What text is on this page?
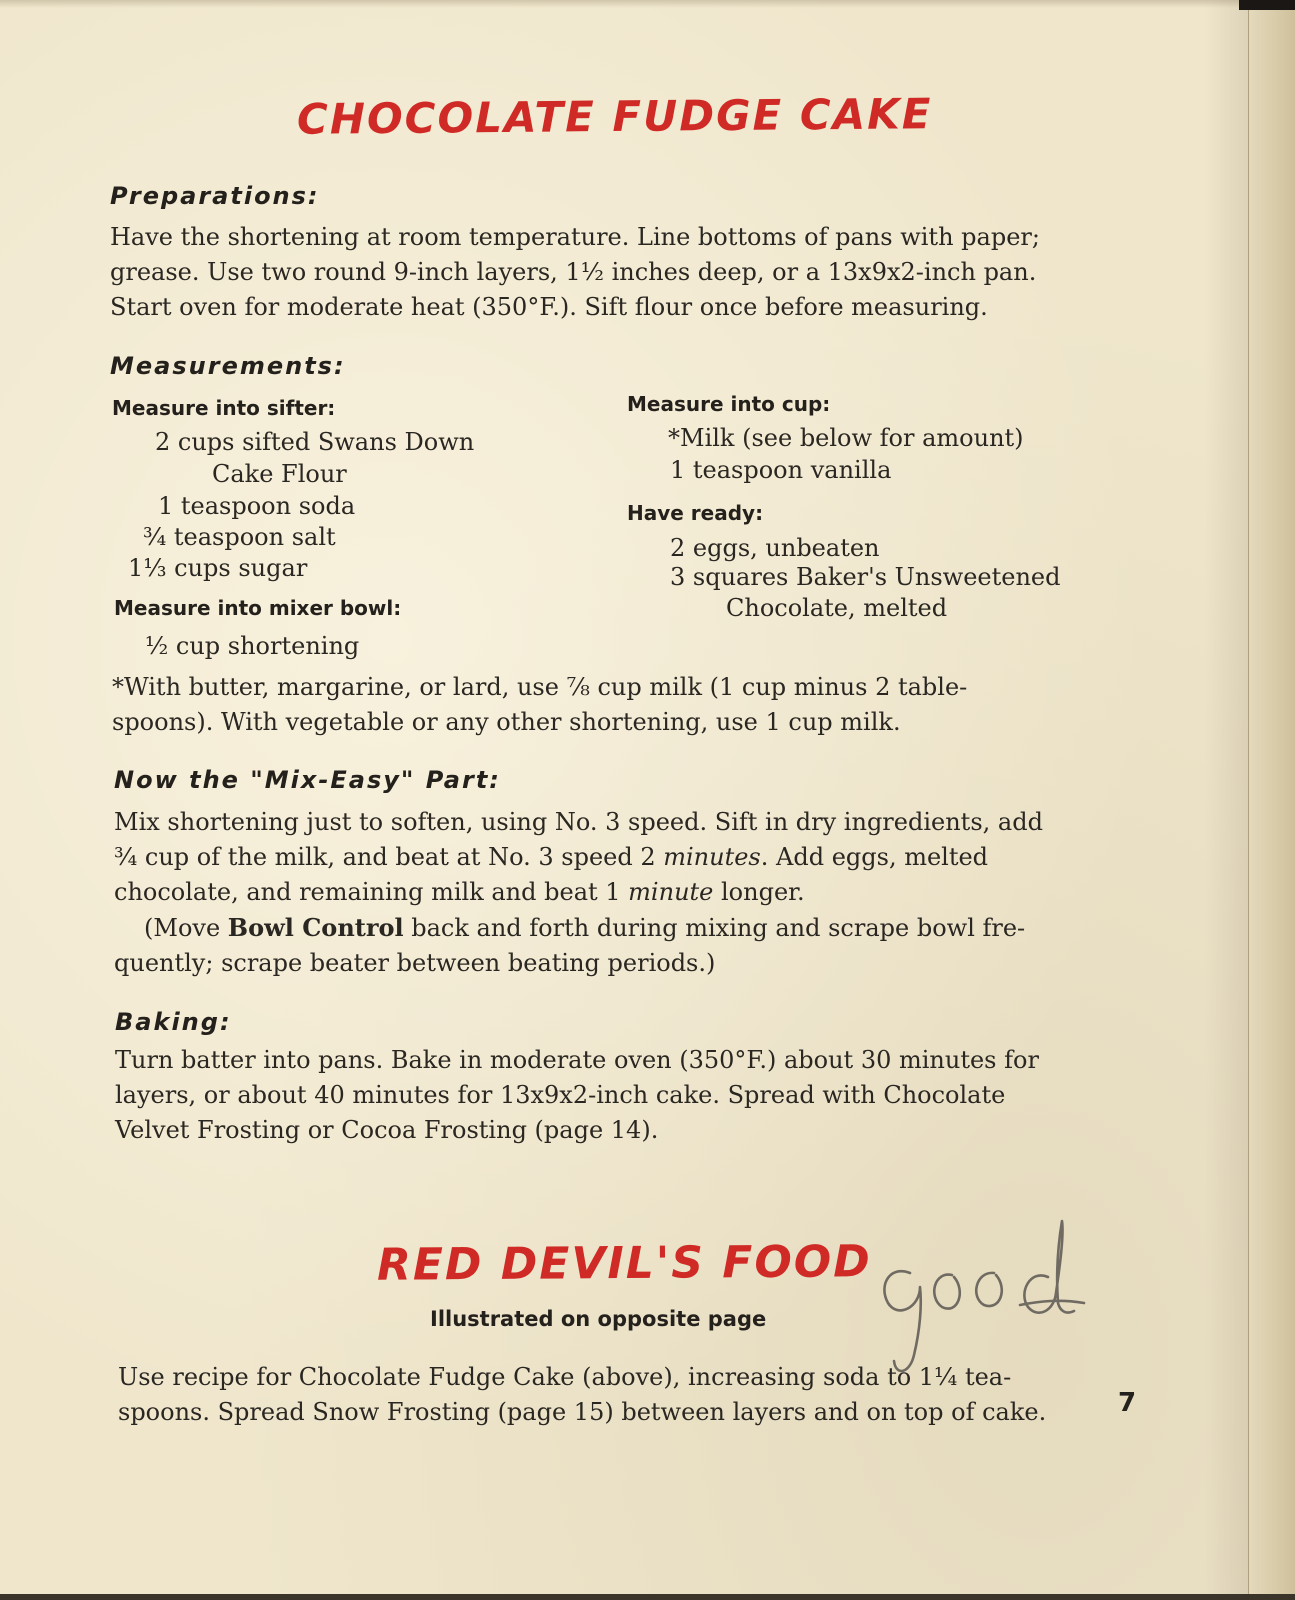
CHOCOLATE FUDGE CAKE
Preparations:
Have the shortening at room temperature. Line bottoms of pans with paper;
grease. Use two round 9-inch layers, 1½ inches deep, or a 13x9x2-inch pan.
Start oven for moderate heat (350°F.). Sift flour once before measuring.
Measurements:
Measure into sifter:
2 cups sifted Swans Down
Cake Flour
1 teaspoon soda
¾ teaspoon salt
1⅓ cups sugar
Measure into mixer bowl:
½ cup shortening
Measure into cup:
*Milk (see below for amount)
1 teaspoon vanilla
Have ready:
2 eggs, unbeaten
3 squares Baker's Unsweetened
Chocolate, melted
*With butter, margarine, or lard, use ⅞ cup milk (1 cup minus 2 table-
spoons). With vegetable or any other shortening, use 1 cup milk.
Now the "Mix-Easy" Part:
Mix shortening just to soften, using No. 3 speed. Sift in dry ingredients, add
¾ cup of the milk, and beat at No. 3 speed 2 minutes. Add eggs, melted
chocolate, and remaining milk and beat 1 minute longer.
(Move Bowl Control back and forth during mixing and scrape bowl fre-
quently; scrape beater between beating periods.)
Baking:
Turn batter into pans. Bake in moderate oven (350°F.) about 30 minutes for
layers, or about 40 minutes for 13x9x2-inch cake. Spread with Chocolate
Velvet Frosting or Cocoa Frosting (page 14).
RED DEVIL'S FOOD
Illustrated on opposite page
Use recipe for Chocolate Fudge Cake (above), increasing soda to 1¼ tea-
spoons. Spread Snow Frosting (page 15) between layers and on top of cake.	7
